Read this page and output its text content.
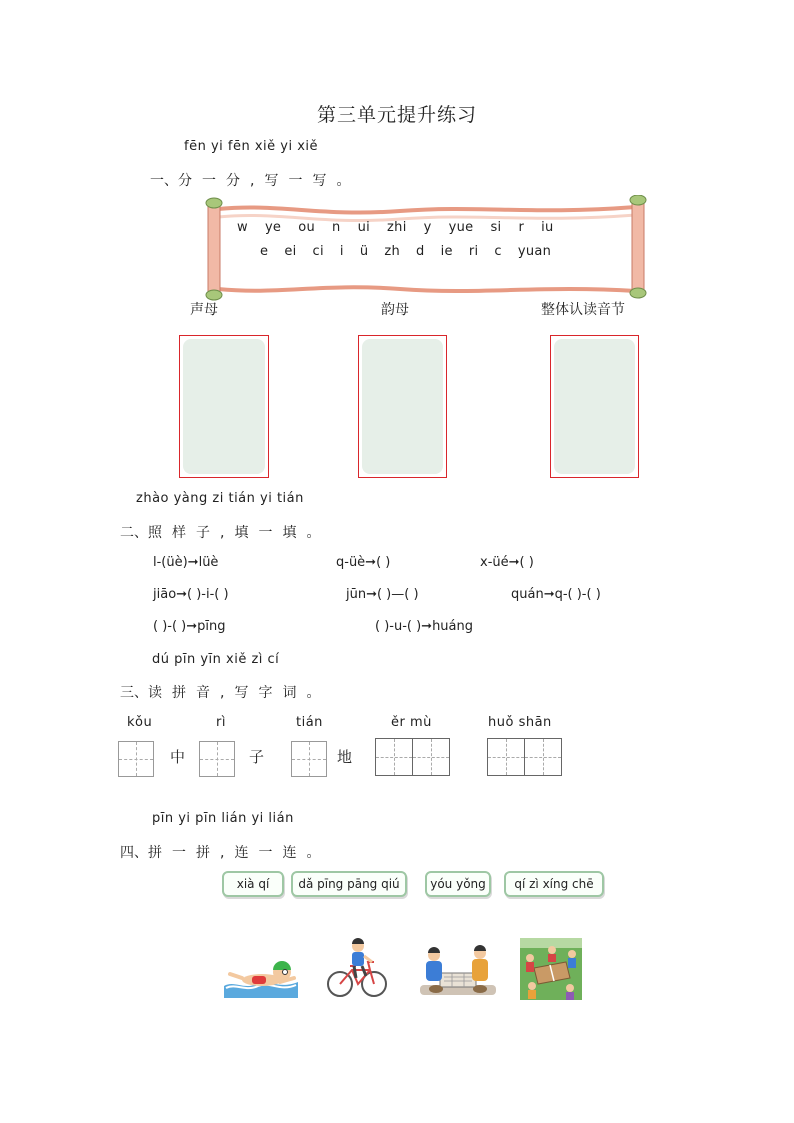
第三单元提升练习
fēn yi fēn xiě yi xiě
一、分一分,写一写。
w ye ou n ui zhi y yue si r iu
e ei ci i ü zh d ie ri c yuan
声母	韵母	整体认读音节
zhào yàng zi tián yi tián
二、照样子,填一填。
l-(üè)➞lüè	q-üè➞( )	x-üé➞( )
jiāo➞( )-i-( )	jūn➞( )—( )	quán➞q-( )-( )
( )-( )➞pīng	( )-u-( )➞huáng
dú pīn yīn xiě zì cí
三、读拼音,写字词。
kǒu	rì	tián	ěr mù	huǒ shān
中	子	地
pīn yi pīn lián yi lián
四、拼一拼,连一连。
xià qí	dǎ pīng pāng qiú	yóu yǒng	qí zì xíng chē
